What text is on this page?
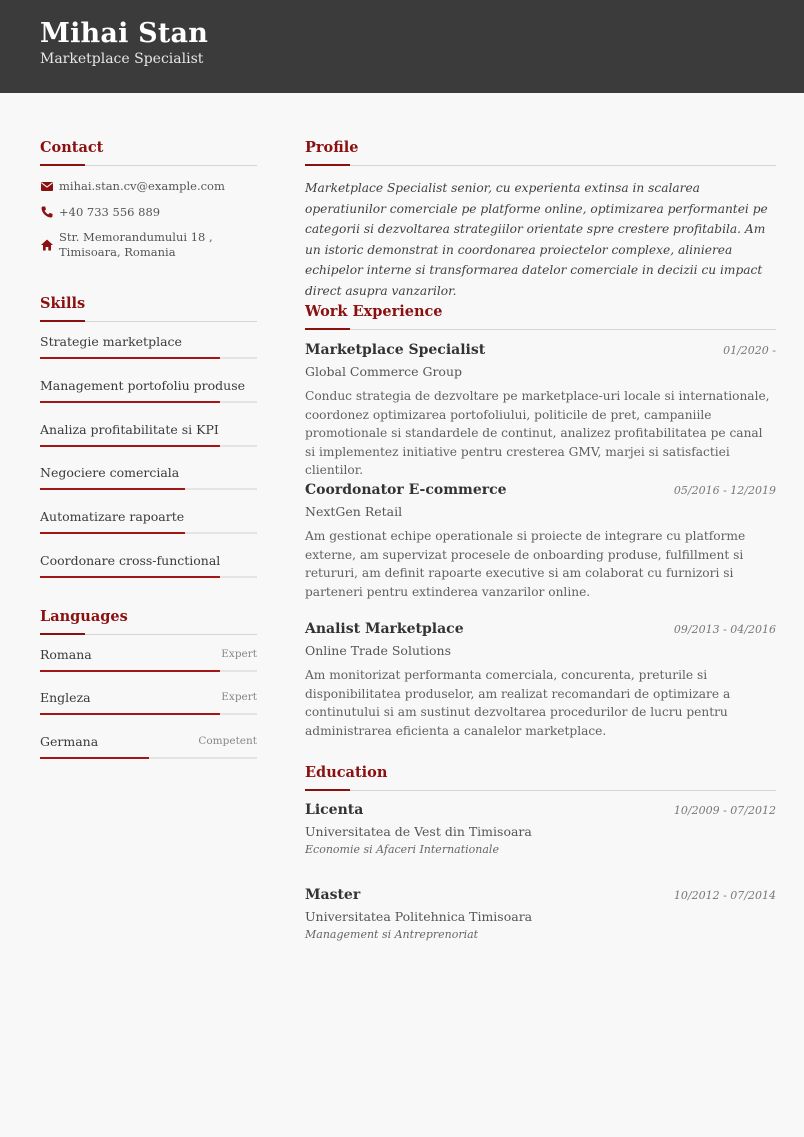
Mihai Stan
Marketplace Specialist
Contact
mihai.stan.cv@example.com
+40 733 556 889
Str. Memorandumului 18 ,
Timisoara, Romania
Skills
Strategie marketplace
Management portofoliu produse
Analiza profitabilitate si KPI
Negociere comerciala
Automatizare rapoarte
Coordonare cross-functional
Languages
Romana	Expert
Engleza	Expert
Germana	Competent
Profile
Marketplace Specialist senior, cu experienta extinsa in scalarea operatiunilor comerciale pe platforme online, optimizarea performantei pe categorii si dezvoltarea strategiilor orientate spre crestere profitabila. Am un istoric demonstrat in coordonarea proiectelor complexe, alinierea echipelor interne si transformarea datelor comerciale in decizii cu impact direct asupra vanzarilor.
Work Experience
Marketplace Specialist	01/2020 -
Global Commerce Group
Conduc strategia de dezvoltare pe marketplace-uri locale si internationale, coordonez optimizarea portofoliului, politicile de pret, campaniile promotionale si standardele de continut, analizez profitabilitatea pe canal si implementez initiative pentru cresterea GMV, marjei si satisfactiei clientilor.
Coordonator E-commerce	05/2016 - 12/2019
NextGen Retail
Am gestionat echipe operationale si proiecte de integrare cu platforme externe, am supervizat procesele de onboarding produse, fulfillment si retururi, am definit rapoarte executive si am colaborat cu furnizori si parteneri pentru extinderea vanzarilor online.
Analist Marketplace	09/2013 - 04/2016
Online Trade Solutions
Am monitorizat performanta comerciala, concurenta, preturile si disponibilitatea produselor, am realizat recomandari de optimizare a continutului si am sustinut dezvoltarea procedurilor de lucru pentru administrarea eficienta a canalelor marketplace.
Education
Licenta	10/2009 - 07/2012
Universitatea de Vest din Timisoara
Economie si Afaceri Internationale
Master	10/2012 - 07/2014
Universitatea Politehnica Timisoara
Management si Antreprenoriat
